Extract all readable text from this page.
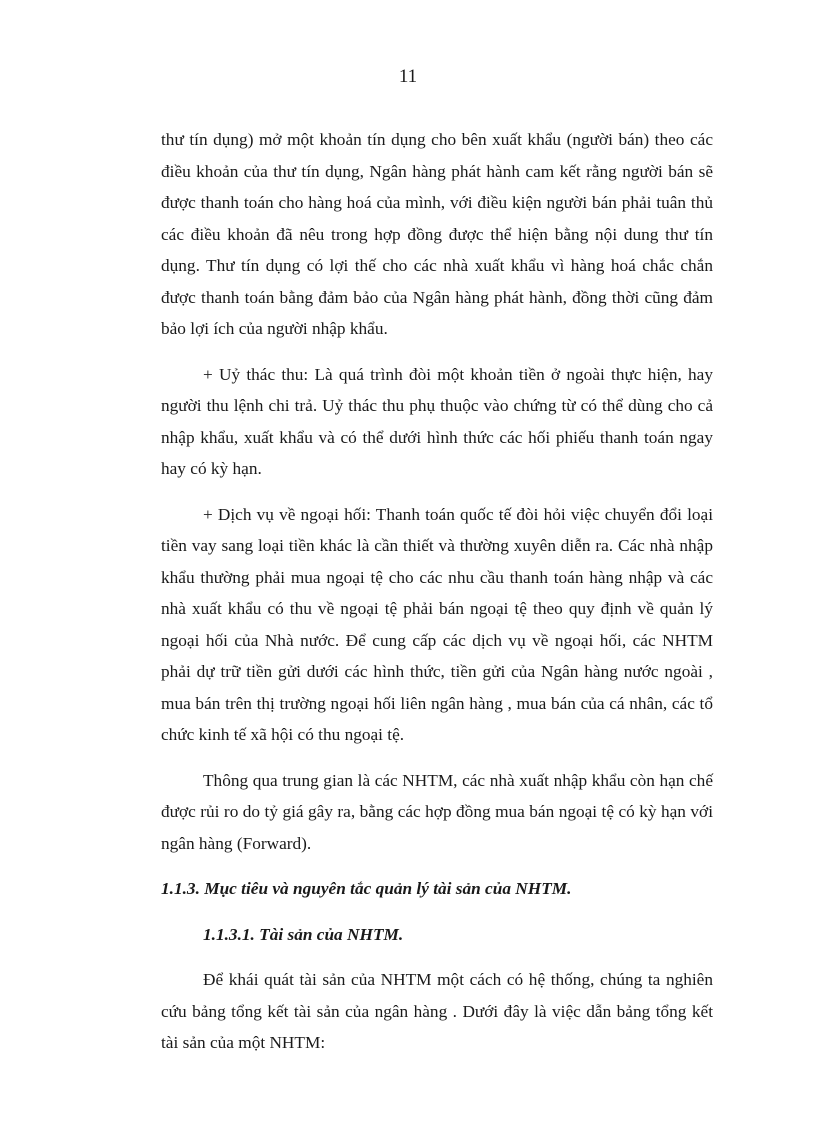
11

thư tín dụng) mở một khoản tín dụng cho bên xuất khẩu (người bán) theo các điều khoản của thư tín dụng, Ngân hàng phát hành cam kết rằng người bán sẽ được thanh toán cho hàng hoá của mình, với điều kiện người bán phải tuân thủ các điều khoản đã nêu trong hợp đồng được thể hiện bằng nội dung thư tín dụng. Thư tín dụng có lợi thế cho các nhà xuất khẩu vì hàng hoá chắc chắn được thanh toán bằng đảm bảo của Ngân hàng phát hành, đồng thời cũng đảm bảo lợi ích của người nhập khẩu.

+ Uỷ thác thu: Là quá trình đòi một khoản tiền ở ngoài thực hiện, hay người thu lệnh chi trả. Uỷ thác thu phụ thuộc vào chứng từ có thể dùng cho cả nhập khẩu, xuất khẩu và có thể dưới hình thức các hối phiếu thanh toán ngay hay có kỳ hạn.

+ Dịch vụ về ngoại hối: Thanh toán quốc tế đòi hỏi việc chuyển đổi loại tiền vay sang loại tiền khác là cần thiết và thường xuyên diễn ra. Các nhà nhập khẩu thường phải mua ngoại tệ cho các nhu cầu thanh toán hàng nhập và các nhà xuất khẩu có thu về ngoại tệ phải bán ngoại tệ theo quy định về quản lý ngoại hối của Nhà nước. Để cung cấp các dịch vụ về ngoại hối, các NHTM phải dự trữ tiền gửi dưới các hình thức, tiền gửi của Ngân hàng nước ngoài , mua bán trên thị trường ngoại hối liên ngân hàng , mua bán của cá nhân, các tổ chức kinh tế xã hội có thu ngoại tệ.

Thông qua trung gian là các NHTM, các nhà xuất nhập khẩu còn hạn chế được rủi ro do tỷ giá gây ra, bằng các hợp đồng mua bán ngoại tệ có kỳ hạn với ngân hàng (Forward).

1.1.3. Mục tiêu và nguyên tắc quản lý tài sản của NHTM.
1.1.3.1. Tài sản của NHTM.

Để khái quát tài sản của NHTM một cách có hệ thống, chúng ta nghiên cứu bảng tổng kết tài sản của ngân hàng . Dưới đây là việc dẫn bảng tổng kết tài sản của một NHTM:
